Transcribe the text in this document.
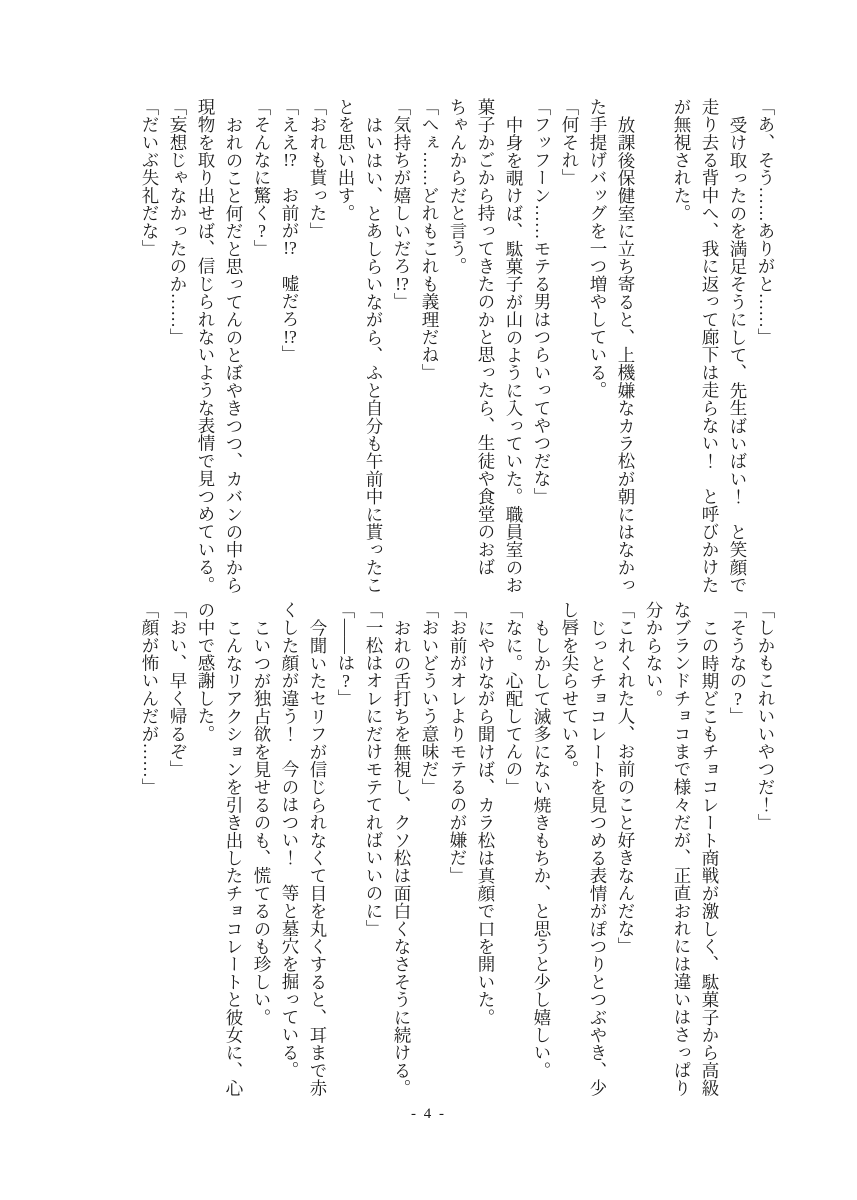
「あ、そう……ありがと……」
受け取ったのを満足そうにして、先生ばいばい！　と笑顔で
走り去る背中へ、我に返って廊下は走らない！　と呼びかけた
が無視された。
放課後保健室に立ち寄ると、上機嫌なカラ松が朝にはなかっ
た手提げバッグを一つ増やしている。
「何それ」
「フッフーン……モテる男はつらいってやつだな」
中身を覗けば、駄菓子が山のように入っていた。職員室のお
菓子かごから持ってきたのかと思ったら、生徒や食堂のおば
ちゃんからだと言う。
「へぇ……どれもこれも義理だね」
「気持ちが嬉しいだろ!?」
はいはい、とあしらいながら、ふと自分も午前中に貰ったこ
とを思い出す。
「おれも貰った」
「ええ!?　お前が!?　嘘だろ!?」
「そんなに驚く?」
おれのこと何だと思ってんのとぼやきつつ、カバンの中から
現物を取り出せば、信じられないような表情で見つめている。
「妄想じゃなかったのか……」
「だいぶ失礼だな」
「しかもこれいいやつだ！」
「そうなの?」
この時期どこもチョコレート商戦が激しく、駄菓子から高級
なブランドチョコまで様々だが、正直おれには違いはさっぱり
分からない。
「これくれた人、お前のこと好きなんだな」
じっとチョコレートを見つめる表情がぽつりとつぶやき、少
し唇を尖らせている。
もしかして滅多にない焼きもちか、と思うと少し嬉しい。
「なに。心配してんの」
にやけながら聞けば、カラ松は真顔で口を開いた。
「お前がオレよりモテるのが嫌だ」
「おいどういう意味だ」
おれの舌打ちを無視し、クソ松は面白くなさそうに続ける。
「一松はオレにだけモテてればいいのに」
「――は?」
今聞いたセリフが信じられなくて目を丸くすると、耳まで赤
くした顔が違う！　今のはつい！　等と墓穴を掘っている。
こいつが独占欲を見せるのも、慌てるのも珍しい。
こんなリアクションを引き出したチョコレートと彼女に、心
の中で感謝した。
「おい、早く帰るぞ」
「顔が怖いんだが……」
- 4 -
